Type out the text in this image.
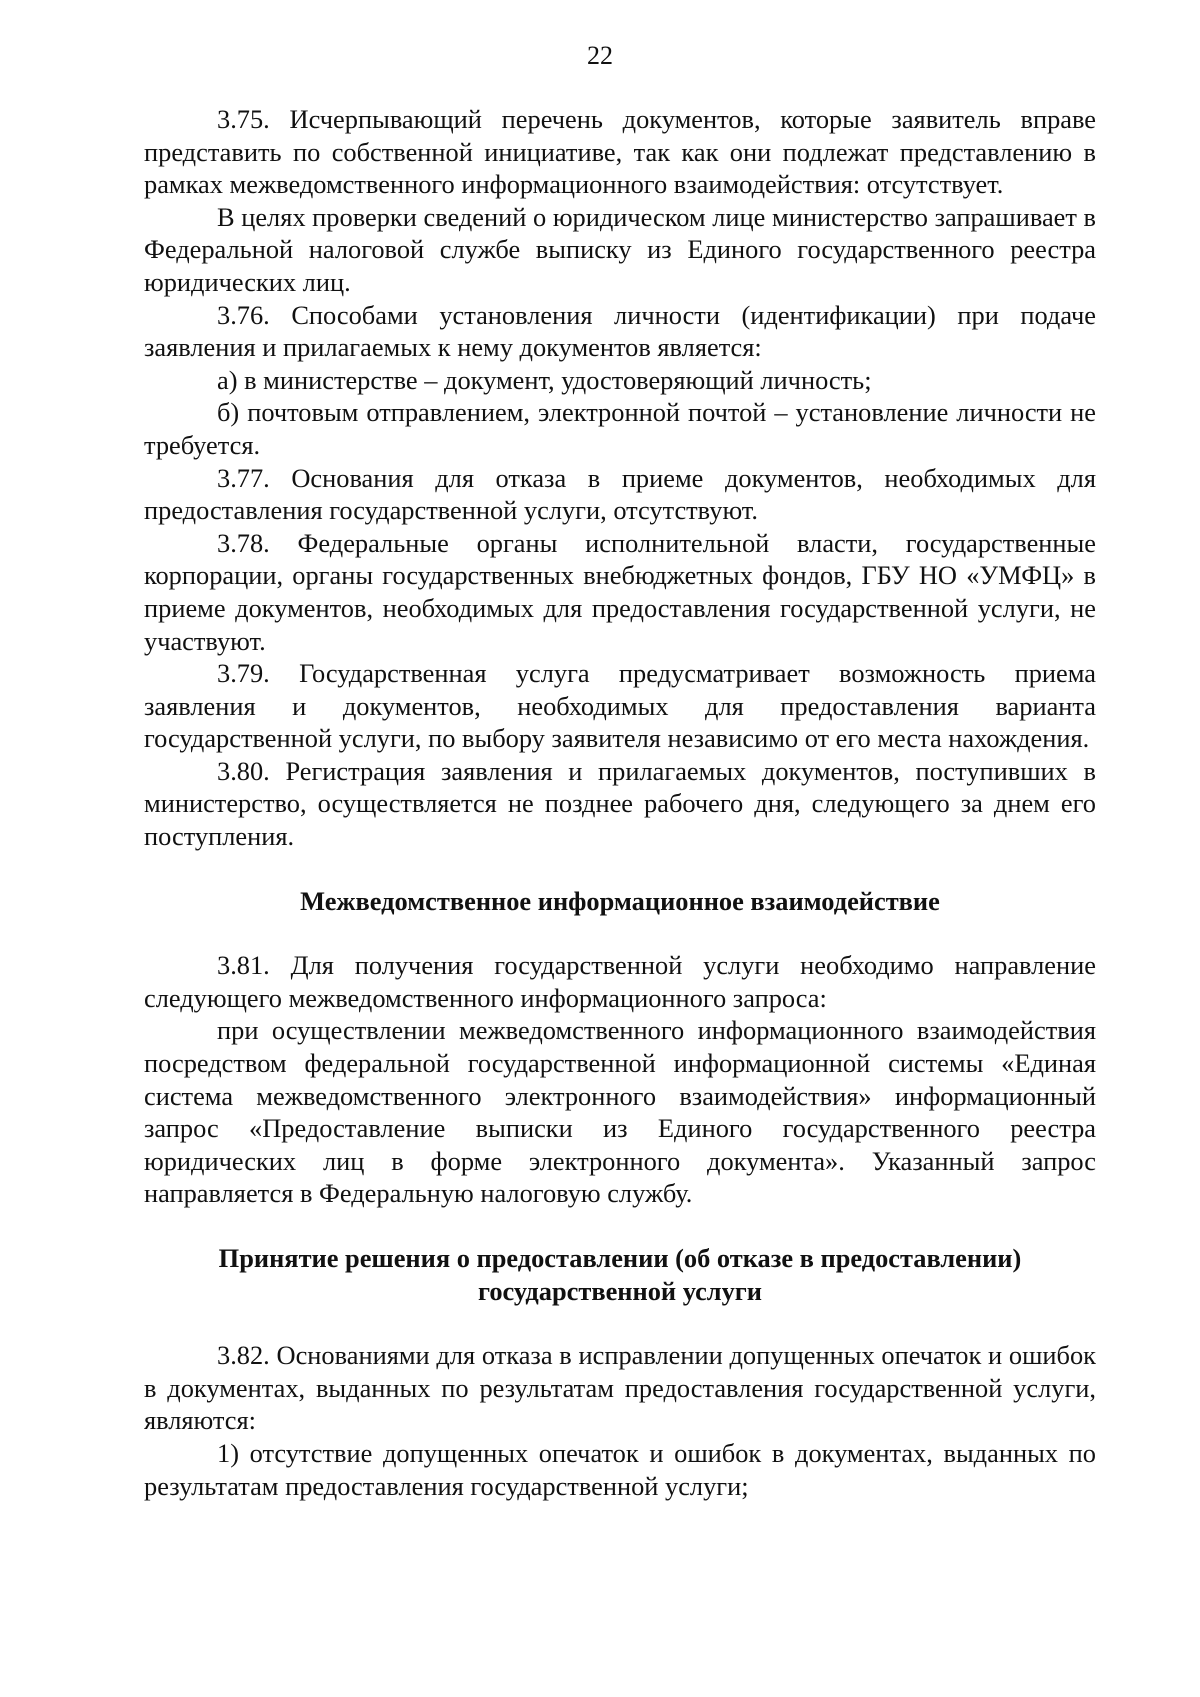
22

3.75. Исчерпывающий перечень документов, которые заявитель вправе представить по собственной инициативе, так как они подлежат представлению в рамках межведомственного информационного взаимодействия: отсутствует.

В целях проверки сведений о юридическом лице министерство запрашивает в Федеральной налоговой службе выписку из Единого государственного реестра юридических лиц.

3.76. Способами установления личности (идентификации) при подаче заявления и прилагаемых к нему документов является:

а) в министерстве – документ, удостоверяющий личность;

б) почтовым отправлением, электронной почтой – установление личности не требуется.

3.77. Основания для отказа в приеме документов, необходимых для предоставления государственной услуги, отсутствуют.

3.78. Федеральные органы исполнительной власти, государственные корпорации, органы государственных внебюджетных фондов, ГБУ НО «УМФЦ» в приеме документов, необходимых для предоставления государственной услуги, не участвуют.

3.79. Государственная услуга предусматривает возможность приема заявления и документов, необходимых для предоставления варианта государственной услуги, по выбору заявителя независимо от его места нахождения.

3.80. Регистрация заявления и прилагаемых документов, поступивших в министерство, осуществляется не позднее рабочего дня, следующего за днем его поступления.

Межведомственное информационное взаимодействие

3.81. Для получения государственной услуги необходимо направление следующего межведомственного информационного запроса:

при осуществлении межведомственного информационного взаимодействия посредством федеральной государственной информационной системы «Единая система межведомственного электронного взаимодействия» информационный запрос «Предоставление выписки из Единого государственного реестра юридических лиц в форме электронного документа». Указанный запрос направляется в Федеральную налоговую службу.

Принятие решения о предоставлении (об отказе в предоставлении)
государственной услуги

3.82. Основаниями для отказа в исправлении допущенных опечаток и ошибок в документах, выданных по результатам предоставления государственной услуги, являются:

1) отсутствие допущенных опечаток и ошибок в документах, выданных по результатам предоставления государственной услуги;
